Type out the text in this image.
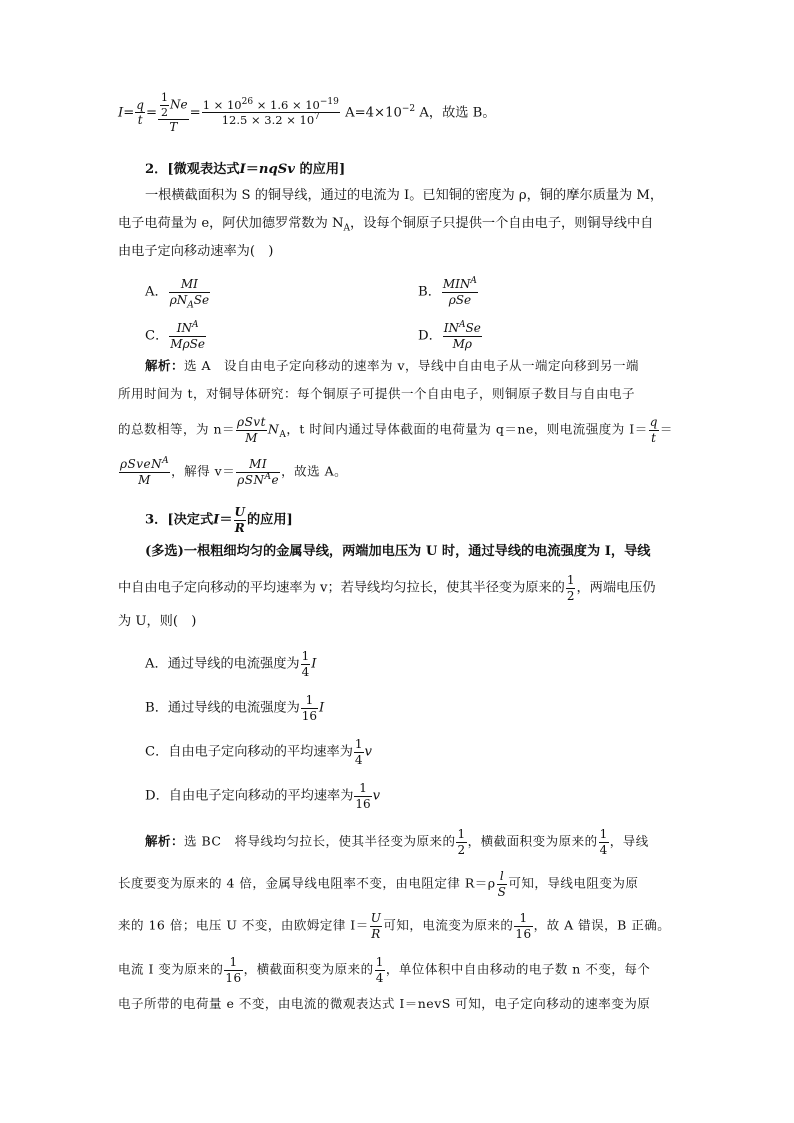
$I= \frac{q}{t} = \frac{\frac{1}{2} Ne}{T} = \frac{1 \times 10^{26} \times 1.6 \times 10^{-19}}{12.5 \times 3.2 \times 10^7} A=4\times 10^{-2}$ A，故选 B。
2．[微观表达式I＝nqSv 的应用]
一根横截面积为 S 的铜导线，通过的电流为 I。已知铜的密度为 ρ，铜的摩尔质量为 M，
电子电荷量为 e，阿伏加德罗常数为 $N_A$，设每个铜原子只提供一个自由电子，则铜导线中自
由电子定向移动速率为(　)
A． $\frac{MI}{\rho N_ASe}$	B． $\frac{MIN^A}{\text{ρSe}}$
C． $\frac{IN^A}{\text{MρSe}}$	D． $\frac{IN^ASe}{M\rho}$
解析：选 A　设自由电子定向移动的速率为 v，导线中自由电子从一端定向移到另一端
所用时间为 t，对铜导体研究：每个铜原子可提供一个自由电子，则铜原子数目与自由电子
的总数相等，为 $n= \frac{\text{ρSvt}}{M} N_A$，t 时间内通过导体截面的电荷量为 q＝ne，则电流强度为 $I= \frac{q}{t}$ ＝
$\frac{\rho SveN^A}{M}$ ，解得 $v= \frac{MI}{\rho SN^Ae}$ ，故选 A。
3．[决定式$I= \frac{U}{R}$ 的应用]
(多选)一根粗细均匀的金属导线，两端加电压为 U 时，通过导线的电流强度为 I，导线
中自由电子定向移动的平均速率为 v；若导线均匀拉长，使其半径变为原来的 $\frac{1}{2}$ ，两端电压仍
为 U，则(　)
A．通过导线的电流强度为 $\frac{1}{4}$ I
B．通过导线的电流强度为 $\frac{1}{16}$ I
C．自由电子定向移动的平均速率为 $\frac{1}{4}$ v
D．自由电子定向移动的平均速率为 $\frac{1}{16}$ v
解析：选 BC　将导线均匀拉长，使其半径变为原来的 $\frac{1}{2}$ ，横截面积变为原来的 $\frac{1}{4}$ ，导线
长度要变为原来的 4 倍，金属导线电阻率不变，由电阻定律 $R=\rho \frac{l}{S}$ 可知，导线电阻变为原
来的 16 倍；电压 U 不变，由欧姆定律 $I= \frac{U}{R}$ 可知，电流变为原来的 $\frac{1}{16}$ ，故 A 错误，B 正确。
电流 I 变为原来的 $\frac{1}{16}$ ，横截面积变为原来的 $\frac{1}{4}$ ，单位体积中自由移动的电子数 n 不变，每个
电子所带的电荷量 e 不变，由电流的微观表达式 I＝nevS 可知，电子定向移动的速率变为原
